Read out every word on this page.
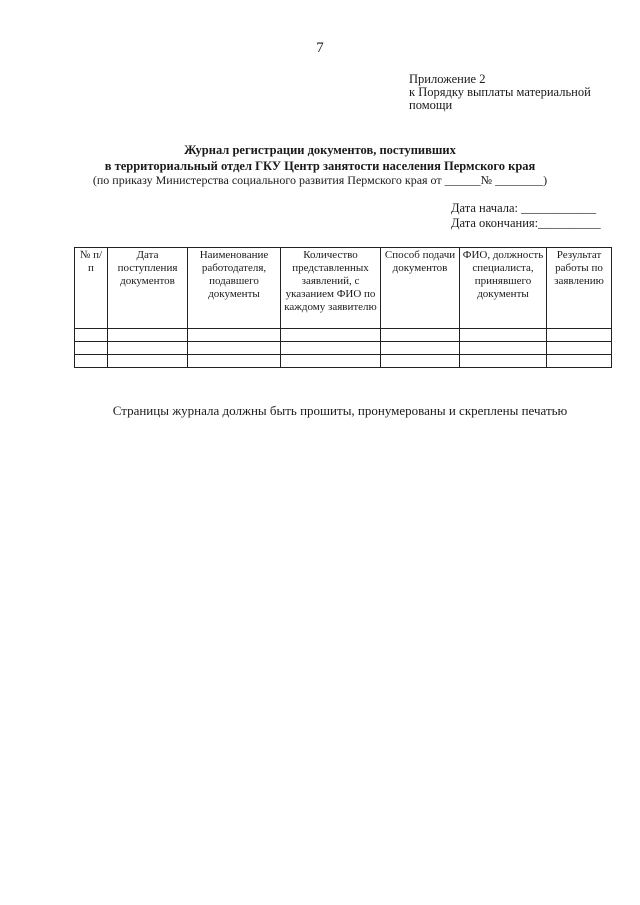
7
Приложение 2
к Порядку выплаты материальной
помощи
Журнал регистрации документов, поступивших
в территориальный отдел ГКУ Центр занятости населения Пермского края
(по приказу Министерства социального развития Пермского края от ______№ ________)
Дата начала: ____________
Дата окончания:__________
№ п/п	Дата поступления документов	Наименование работодателя, подавшего документы	Количество представленных заявлений, с указанием ФИО по каждому заявителю	Способ подачи документов	ФИО, должность специалиста, принявшего документы	Результат работы по заявлению

Страницы журнала должны быть прошиты, пронумерованы и скреплены печатью
